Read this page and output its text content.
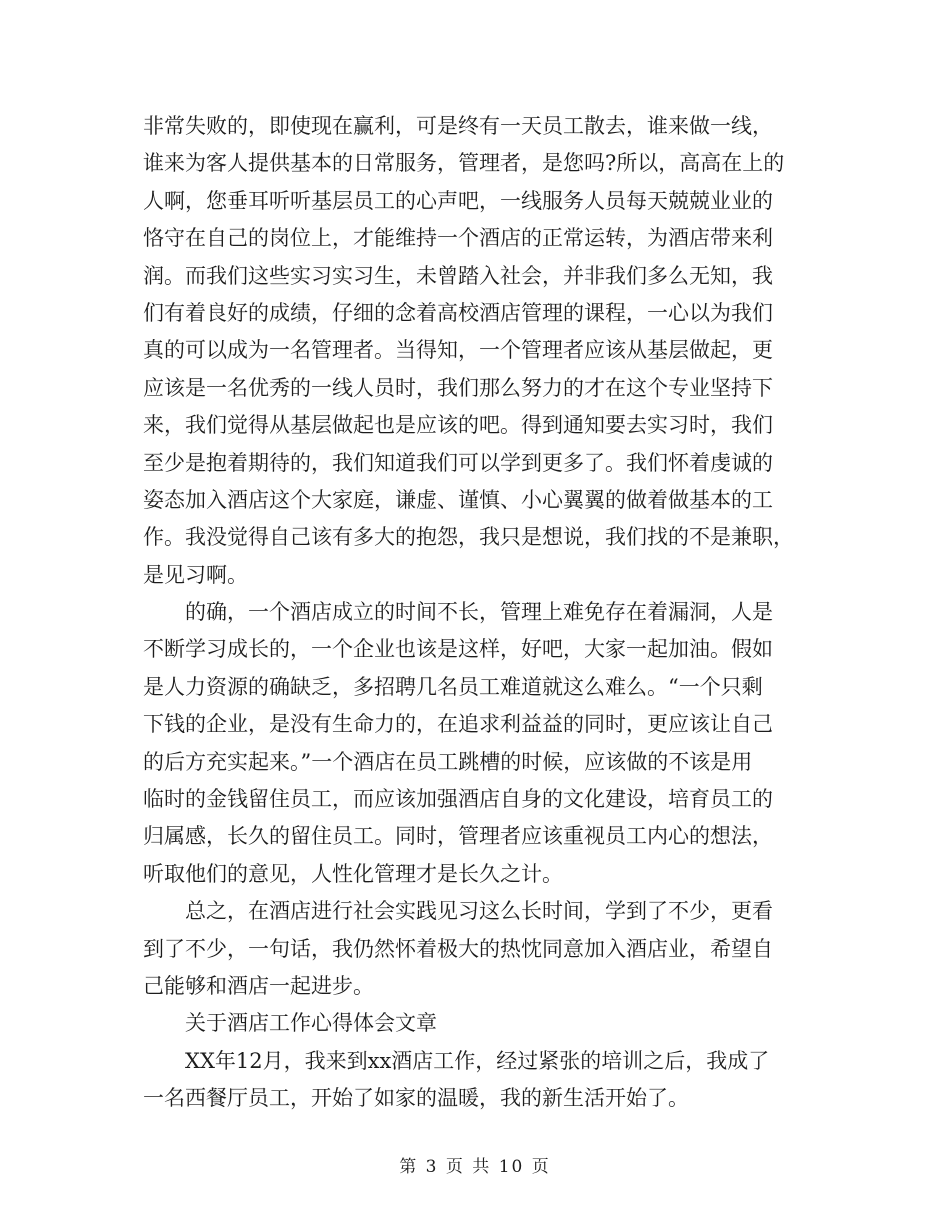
非常失败的，即使现在赢利，可是终有一天员工散去，谁来做一线，
谁来为客人提供基本的日常服务，管理者，是您吗?所以，高高在上的
人啊，您垂耳听听基层员工的心声吧，一线服务人员每天兢兢业业的
恪守在自己的岗位上，才能维持一个酒店的正常运转，为酒店带来利
润。而我们这些实习实习生，未曾踏入社会，并非我们多么无知，我
们有着良好的成绩，仔细的念着高校酒店管理的课程，一心以为我们
真的可以成为一名管理者。当得知，一个管理者应该从基层做起，更
应该是一名优秀的一线人员时，我们那么努力的才在这个专业坚持下
来，我们觉得从基层做起也是应该的吧。得到通知要去实习时，我们
至少是抱着期待的，我们知道我们可以学到更多了。我们怀着虔诚的
姿态加入酒店这个大家庭，谦虚、谨慎、小心翼翼的做着做基本的工
作。我没觉得自己该有多大的抱怨，我只是想说，我们找的不是兼职，
是见习啊。
　　的确，一个酒店成立的时间不长，管理上难免存在着漏洞，人是
不断学习成长的，一个企业也该是这样，好吧，大家一起加油。假如
是人力资源的确缺乏，多招聘几名员工难道就这么难么。“一个只剩
下钱的企业，是没有生命力的，在追求利益益的同时，更应该让自己
的后方充实起来。”一个酒店在员工跳槽的时候，应该做的不该是用
临时的金钱留住员工，而应该加强酒店自身的文化建设，培育员工的
归属感，长久的留住员工。同时，管理者应该重视员工内心的想法，
听取他们的意见，人性化管理才是长久之计。
　　总之，在酒店进行社会实践见习这么长时间，学到了不少，更看
到了不少，一句话，我仍然怀着极大的热忱同意加入酒店业，希望自
己能够和酒店一起进步。
　　关于酒店工作心得体会文章
　　XX年12月，我来到xx酒店工作，经过紧张的培训之后，我成了
一名西餐厅员工，开始了如家的温暖，我的新生活开始了。
第 3 页 共 10 页
